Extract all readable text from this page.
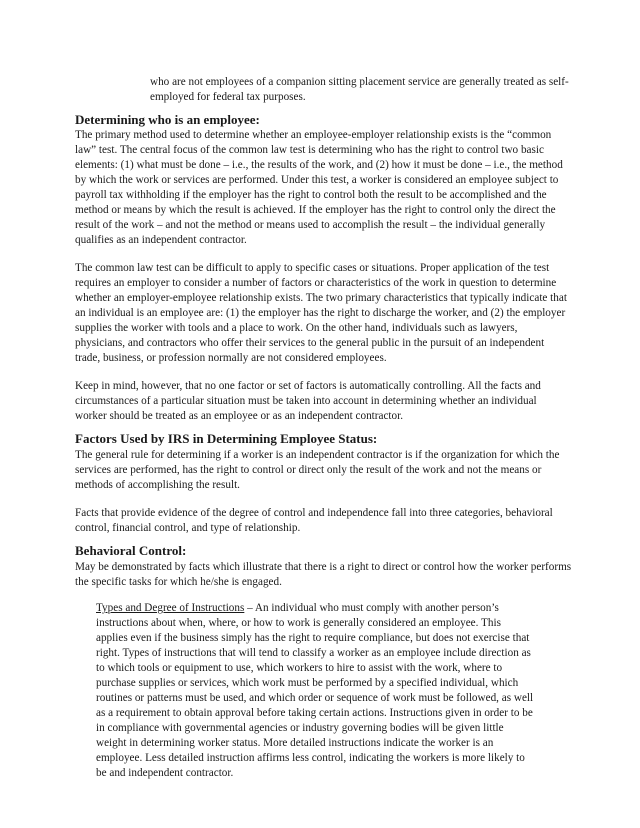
who are not employees of a companion sitting placement service are generally treated as self-
employed for federal tax purposes.
Determining who is an employee:
The primary method used to determine whether an employee-employer relationship exists is the “common
law” test. The central focus of the common law test is determining who has the right to control two basic
elements: (1) what must be done – i.e., the results of the work, and (2) how it must be done – i.e., the method
by which the work or services are performed. Under this test, a worker is considered an employee subject to
payroll tax withholding if the employer has the right to control both the result to be accomplished and the
method or means by which the result is achieved. If the employer has the right to control only the direct the
result of the work – and not the method or means used to accomplish the result – the individual generally
qualifies as an independent contractor.
The common law test can be difficult to apply to specific cases or situations. Proper application of the test
requires an employer to consider a number of factors or characteristics of the work in question to determine
whether an employer-employee relationship exists. The two primary characteristics that typically indicate that
an individual is an employee are: (1) the employer has the right to discharge the worker, and (2) the employer
supplies the worker with tools and a place to work. On the other hand, individuals such as lawyers,
physicians, and contractors who offer their services to the general public in the pursuit of an independent
trade, business, or profession normally are not considered employees.
Keep in mind, however, that no one factor or set of factors is automatically controlling. All the facts and
circumstances of a particular situation must be taken into account in determining whether an individual
worker should be treated as an employee or as an independent contractor.
Factors Used by IRS in Determining Employee Status:
The general rule for determining if a worker is an independent contractor is if the organization for which the
services are performed, has the right to control or direct only the result of the work and not the means or
methods of accomplishing the result.
Facts that provide evidence of the degree of control and independence fall into three categories, behavioral
control, financial control, and type of relationship.
Behavioral Control:
May be demonstrated by facts which illustrate that there is a right to direct or control how the worker performs
the specific tasks for which he/she is engaged.
Types and Degree of Instructions – An individual who must comply with another person’s
instructions about when, where, or how to work is generally considered an employee. This
applies even if the business simply has the right to require compliance, but does not exercise that
right. Types of instructions that will tend to classify a worker as an employee include direction as
to which tools or equipment to use, which workers to hire to assist with the work, where to
purchase supplies or services, which work must be performed by a specified individual, which
routines or patterns must be used, and which order or sequence of work must be followed, as well
as a requirement to obtain approval before taking certain actions. Instructions given in order to be
in compliance with governmental agencies or industry governing bodies will be given little
weight in determining worker status. More detailed instructions indicate the worker is an
employee. Less detailed instruction affirms less control, indicating the workers is more likely to
be and independent contractor.
